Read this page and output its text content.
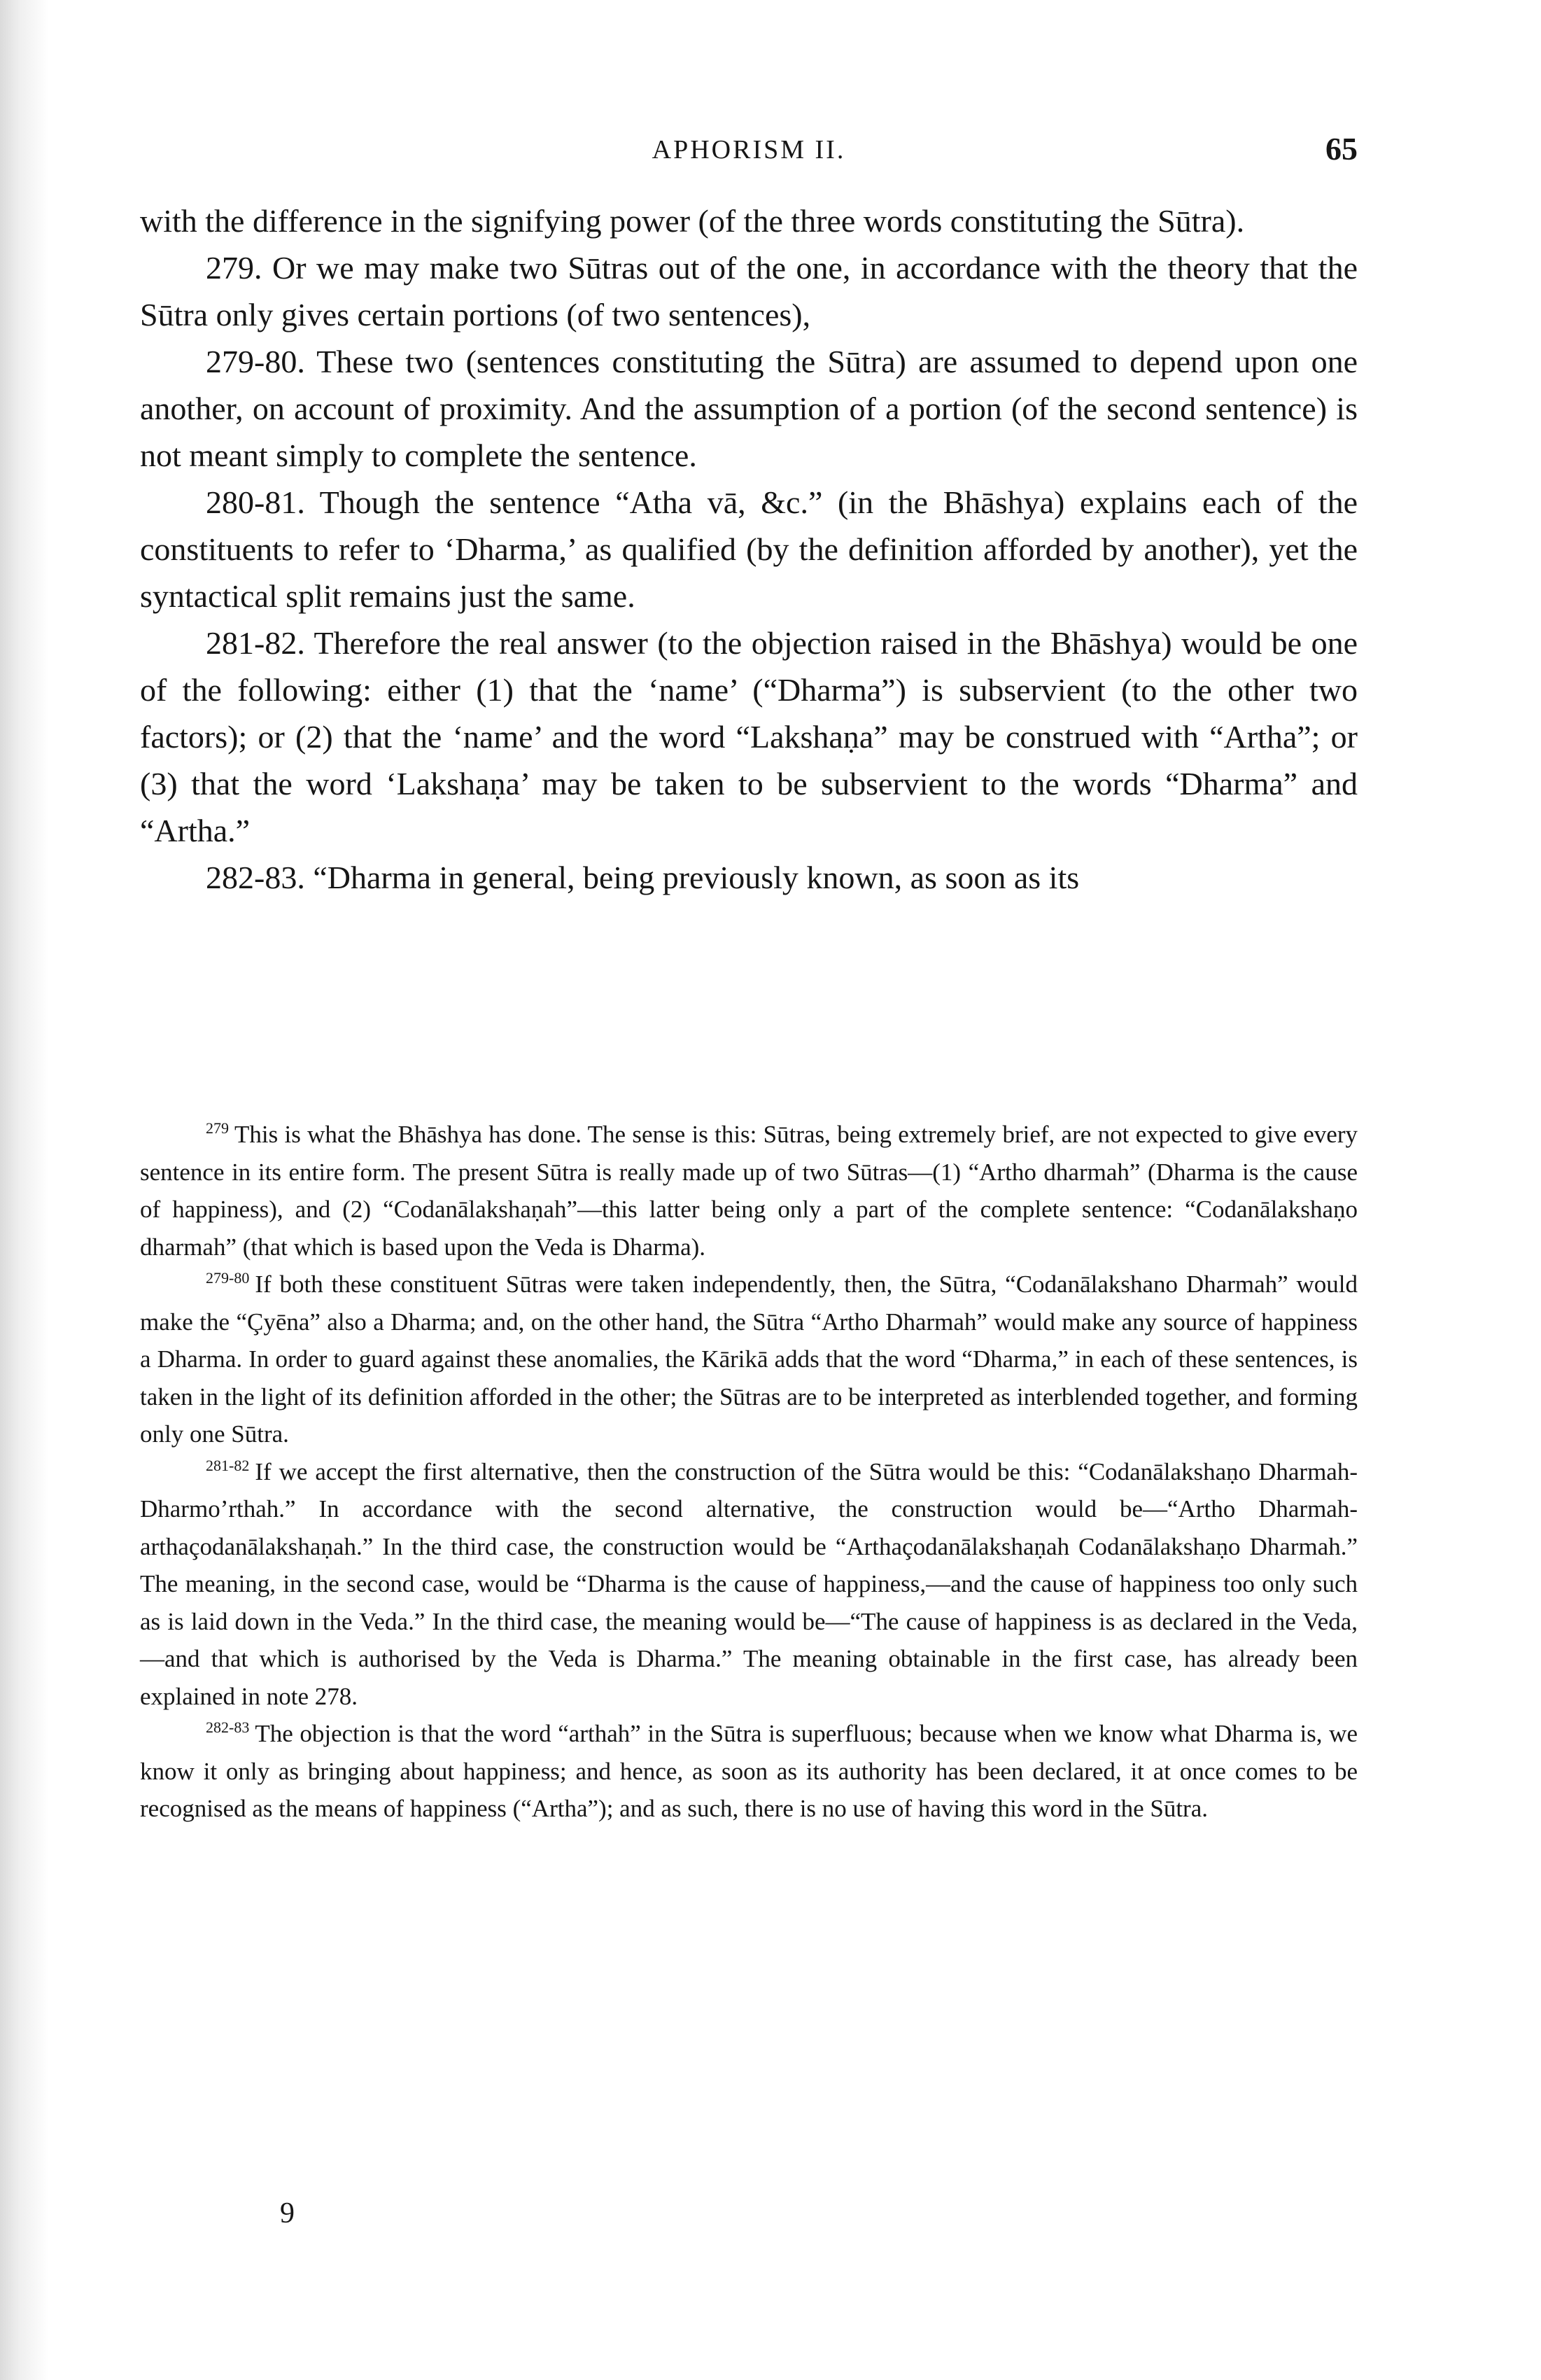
APHORISM II.	65

with the difference in the signifying power (of the three words constituting the Sūtra).

279. Or we may make two Sūtras out of the one, in accordance with the theory that the Sūtra only gives certain portions (of two sentences),

279-80. These two (sentences constituting the Sūtra) are assumed to depend upon one another, on account of proximity. And the assumption of a portion (of the second sentence) is not meant simply to complete the sentence.

280-81. Though the sentence “Atha vā, &c.” (in the Bhāshya) explains each of the constituents to refer to ‘Dharma,’ as qualified (by the definition afforded by another), yet the syntactical split remains just the same.

281-82. Therefore the real answer (to the objection raised in the Bhāshya) would be one of the following: either (1) that the ‘name’ (“Dharma”) is subservient (to the other two factors); or (2) that the ‘name’ and the word “Lakshaṇa” may be construed with “Artha”; or (3) that the word ‘Lakshaṇa’ may be taken to be subservient to the words “Dharma” and “Artha.”

282-83. “Dharma in general, being previously known, as soon as its

$^{279}$ This is what the Bhāshya has done. The sense is this: Sūtras, being extremely brief, are not expected to give every sentence in its entire form. The present Sūtra is really made up of two Sūtras—(1) “Artho dharmah” (Dharma is the cause of happiness), and (2) “Codanālakshaṇah”—this latter being only a part of the complete sentence: “Codanālakshaṇo dharmah” (that which is based upon the Veda is Dharma).

$^{279-80}$ If both these constituent Sūtras were taken independently, then, the Sūtra, “Codanālakshano Dharmah” would make the “Çyēna” also a Dharma; and, on the other hand, the Sūtra “Artho Dharmah” would make any source of happiness a Dharma. In order to guard against these anomalies, the Kārikā adds that the word “Dharma,” in each of these sentences, is taken in the light of its definition afforded in the other; the Sūtras are to be interpreted as interblended together, and forming only one Sūtra.

$^{281-82}$ If we accept the first alternative, then the construction of the Sūtra would be this: “Codanālakshaṇo Dharmah-Dharmo’rthah.” In accordance with the second alternative, the construction would be—“Artho Dharmah-arthaçodanālakshaṇah.” In the third case, the construction would be “Arthaçodanālakshaṇah Codanālakshaṇo Dharmah.” The meaning, in the second case, would be “Dharma is the cause of happiness,—and the cause of happiness too only such as is laid down in the Veda.” In the third case, the meaning would be—“The cause of happiness is as declared in the Veda,—and that which is authorised by the Veda is Dharma.” The meaning obtainable in the first case, has already been explained in note 278.

$^{282-83}$ The objection is that the word “arthah” in the Sūtra is superfluous; because when we know what Dharma is, we know it only as bringing about happiness; and hence, as soon as its authority has been declared, it at once comes to be recognised as the means of happiness (“Artha”); and as such, there is no use of having this word in the Sūtra.

9
